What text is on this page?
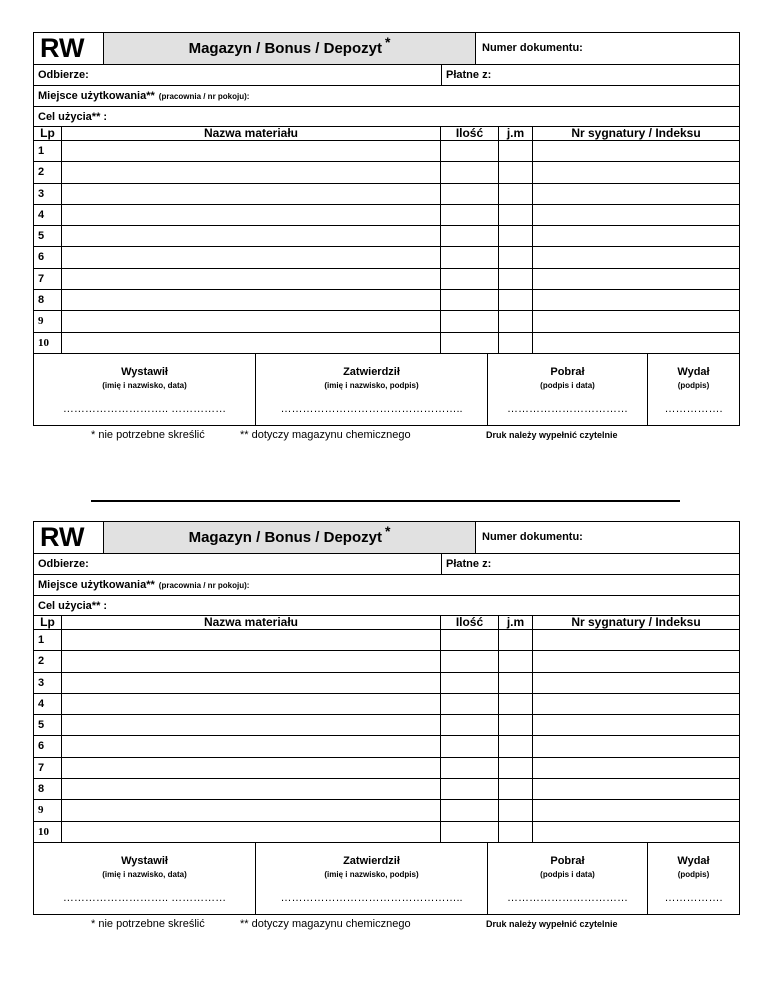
RW	Magazyn / Bonus / Depozyt *	Numer dokumentu:
Odbierze:	Płatne z:
Miejsce użytkowania** (pracownia / nr pokoju):
Cel użycia** :
Lp	Nazwa materiału	Ilość	j.m	Nr sygnatury / Indeksu
1
2
3
4
5
6
7
8
9
10
Wystawił
(imię i nazwisko, data)
……………………….. ……………
Zatwierdził
(imię i nazwisko, podpis)
…………………………………………..
Pobrał
(podpis i data)
……………………………
Wydał
(podpis)
…………….
* nie potrzebne skreślić	** dotyczy magazynu chemicznego	Druk należy wypełnić czytelnie
RW	Magazyn / Bonus / Depozyt *	Numer dokumentu:
Odbierze:	Płatne z:
Miejsce użytkowania** (pracownia / nr pokoju):
Cel użycia** :
Lp	Nazwa materiału	Ilość	j.m	Nr sygnatury / Indeksu
1
2
3
4
5
6
7
8
9
10
Wystawił
(imię i nazwisko, data)
……………………….. ……………
Zatwierdził
(imię i nazwisko, podpis)
…………………………………………..
Pobrał
(podpis i data)
……………………………
Wydał
(podpis)
…………….
* nie potrzebne skreślić	** dotyczy magazynu chemicznego	Druk należy wypełnić czytelnie
